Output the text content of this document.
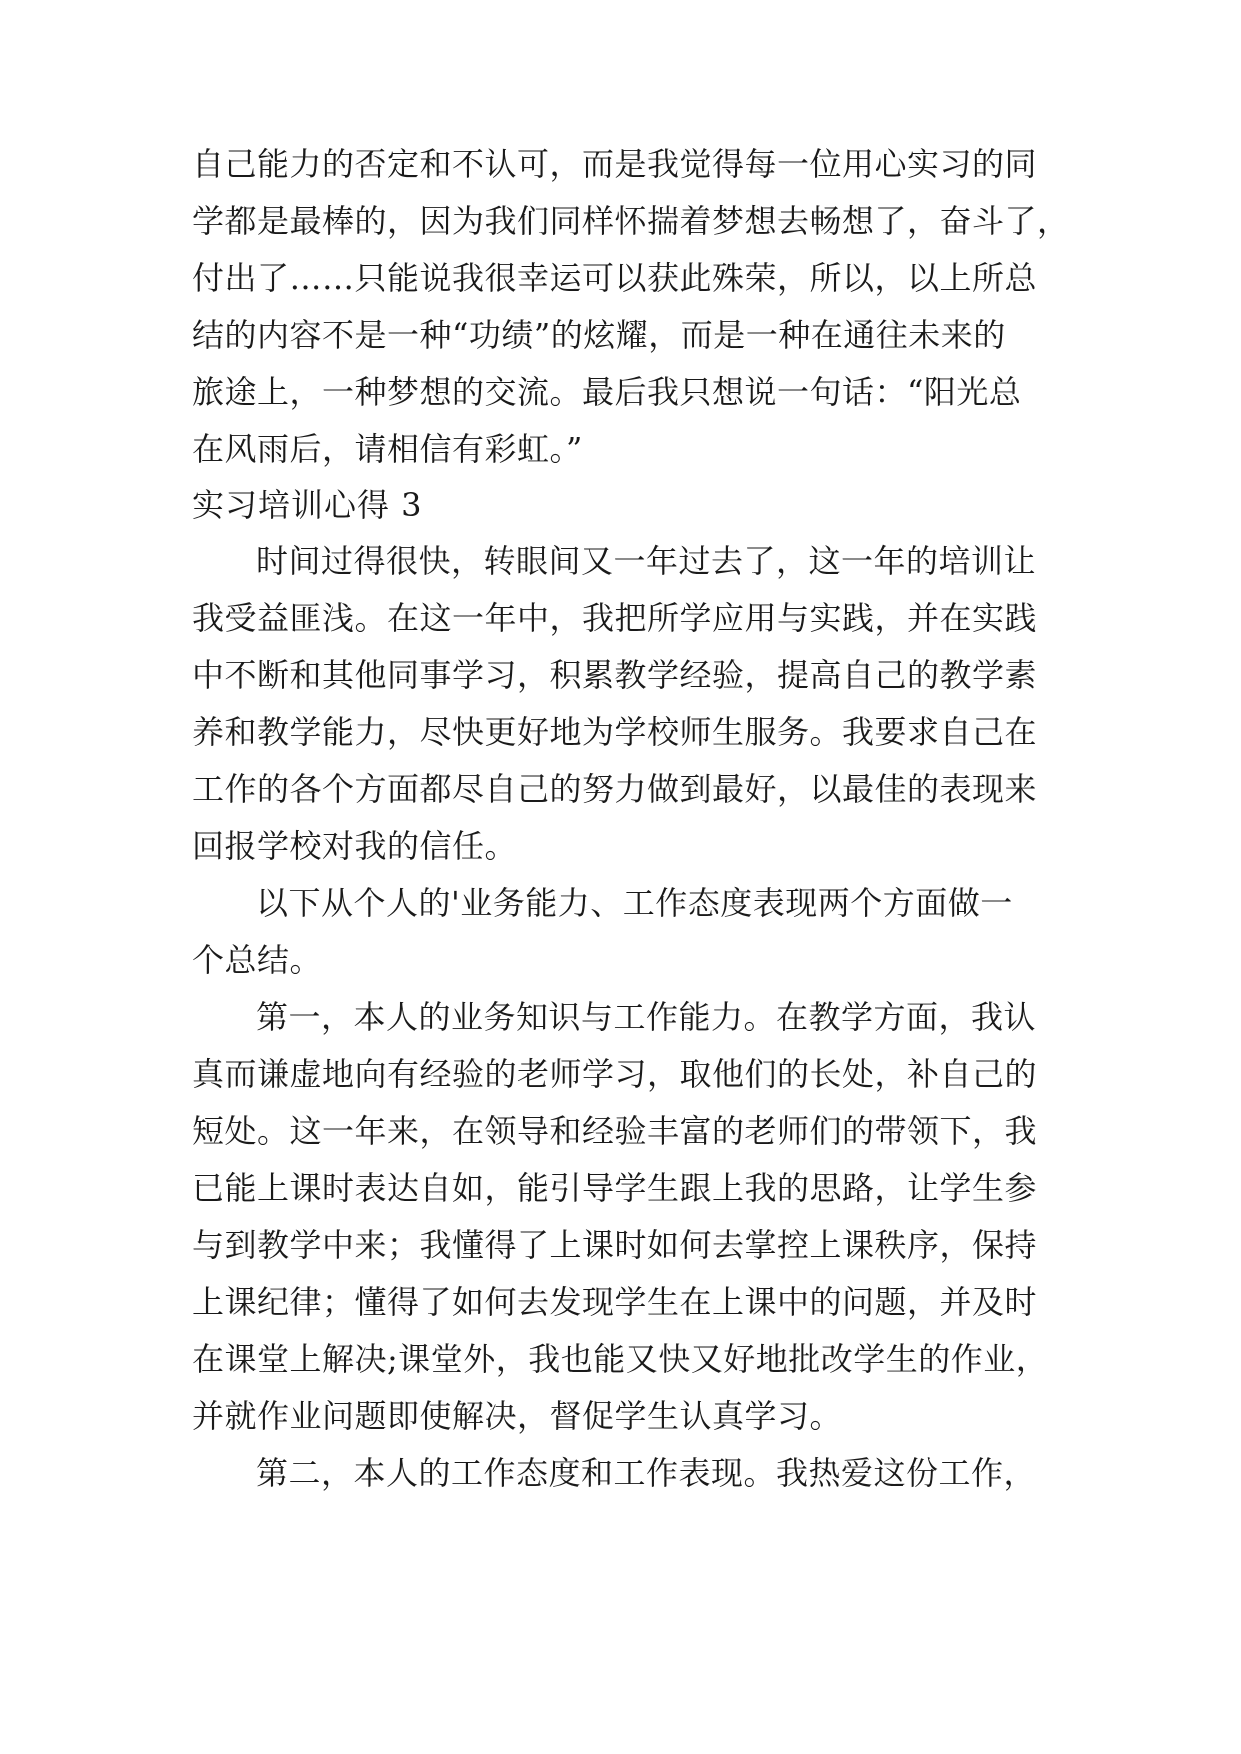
自己能力的否定和不认可，而是我觉得每一位用心实习的同
学都是最棒的，因为我们同样怀揣着梦想去畅想了，奋斗了，
付出了……只能说我很幸运可以获此殊荣，所以，以上所总
结的内容不是一种“功绩”的炫耀，而是一种在通往未来的
旅途上，一种梦想的交流。最后我只想说一句话：“阳光总
在风雨后，请相信有彩虹。”
实习培训心得 3
时间过得很快，转眼间又一年过去了，这一年的培训让
我受益匪浅。在这一年中，我把所学应用与实践，并在实践
中不断和其他同事学习，积累教学经验，提高自己的教学素
养和教学能力，尽快更好地为学校师生服务。我要求自己在
工作的各个方面都尽自己的努力做到最好，以最佳的表现来
回报学校对我的信任。
以下从个人的'业务能力、工作态度表现两个方面做一
个总结。
第一，本人的业务知识与工作能力。在教学方面，我认
真而谦虚地向有经验的老师学习，取他们的长处，补自己的
短处。这一年来，在领导和经验丰富的老师们的带领下，我
已能上课时表达自如，能引导学生跟上我的思路，让学生参
与到教学中来；我懂得了上课时如何去掌控上课秩序，保持
上课纪律；懂得了如何去发现学生在上课中的问题，并及时
在课堂上解决;课堂外，我也能又快又好地批改学生的作业，
并就作业问题即使解决，督促学生认真学习。
第二，本人的工作态度和工作表现。我热爱这份工作，
